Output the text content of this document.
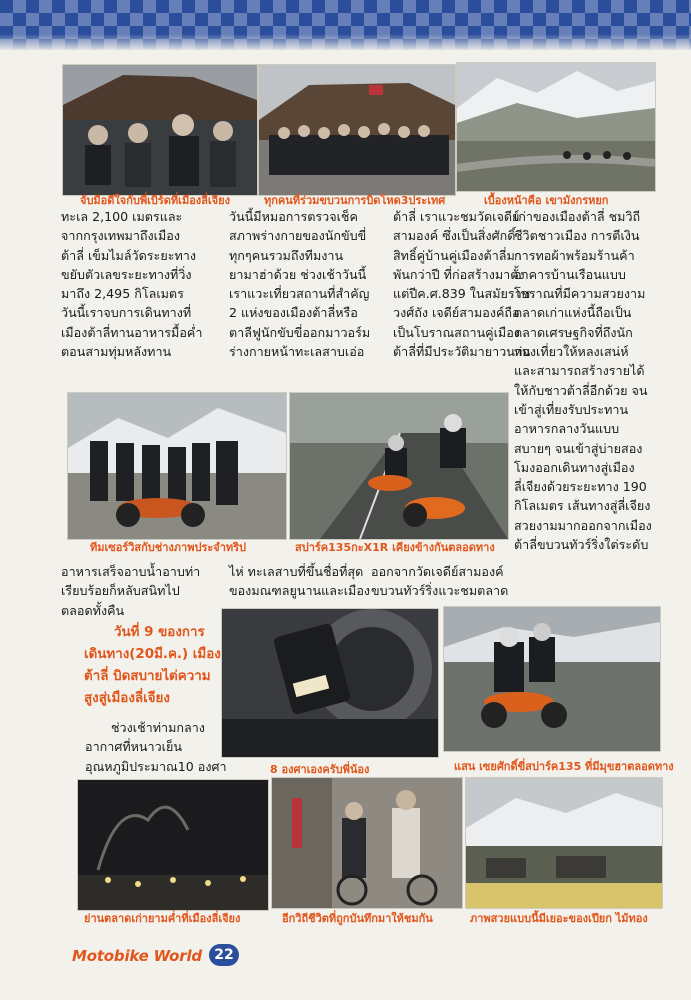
จับมือดีใจกับพี่เบิร์ดที่เมืองลี่เจียง	ทุกคนที่ร่วมขบวนการบิดโหด3ประเทศ	เบื้องหน้าคือ เขามังกรหยก
ทะเล 2,100 เมตรและ
จากกรุงเทพมาถึงเมือง
ต้าลี่ เข็มไมล์วัดระยะทาง
ขยับตัวเลขระยะทางที่วิ่ง
มาถึง 2,495 กิโลเมตร
วันนี้เราจบการเดินทางที่
เมืองต้าลี่ทานอาหารมื้อค่ำ
ตอนสามทุ่มหลังทาน
วันนี้มีหมอการตรวจเช็ค
สภาพร่างกายของนักขับขี่
ทุกๆคนรวมถึงทีมงาน
ยามาฮ่าด้วย ช่วงเช้าวันนี้
เราแวะเที่ยวสถานที่สำคัญ
2 แห่งของเมืองต้าลี่หรือ
ตาลีฟูนักขับขี่ออกมาวอร์ม
ร่างกายหน้าทะเลสาบเอ่อ
ต้าลี่ เราแวะชมวัดเจดีย์
สามองค์ ซึ่งเป็นสิ่งศักดิ์
สิทธิ์คู่บ้านคู่เมืองต้าลี่มา
พันกว่าปี ที่ก่อสร้างมาตั้ง
แต่ปีค.ศ.839 ในสมัยราช
วงศ์ถัง เจดีย์สามองค์ถือ
เป็นโบราณสถานคู่เมือง
ต้าลี่ที่มีประวัติมายาวนาน
เก่าของเมืองต้าลี่ ชมวิถี
ชีวิตชาวเมือง การตีเงิน
การทอผ้าพร้อมร้านค้า
อาคารบ้านเรือนแบบ
โบราณที่มีความสวยงาม
ตลาดเก่าแห่งนี้ถือเป็น
ตลาดเศรษฐกิจที่ถึงนัก
ท่องเที่ยวให้หลงเสน่ห์
และสามารถสร้างรายได้
ให้กับชาวต้าลี่อีกด้วย จน
เข้าสู่เที่ยงรับประทาน
อาหารกลางวันแบบ
สบายๆ จนเข้าสู่บ่ายสอง
โมงออกเดินทางสู่เมือง
ลี่เจียงด้วยระยะทาง 190
กิโลเมตร เส้นทางสู่ลี่เจียง
สวยงามมากออกจากเมือง
ต้าลี่ขบวนทัวร์ริ่งใต่ระดับ
ทีมเซอร์วิสกับช่างภาพประจำทริป	สปาร์ค135กะX1R เคียงข้างกันตลอดทาง
อาหารเสร็จอาบน้ำอาบท่า
เรียบร้อยก็หลับสนิทไป
ตลอดทั้งคืน
ไห่ ทะเลสาบที่ขึ้นชื่อที่สุด
ของมณฑลยูนานและเมือง
ออกจากวัดเจดีย์สามองค์
ขบวนทัวร์ริ่งแวะชมตลาด
วันที่ 9 ของการ
เดินทาง(20มี.ค.) เมือง
ต้าลี่ บิดสบายไต่ความ
สูงสู่เมืองลี่เจียง
ช่วงเช้าท่ามกลาง
อากาศที่หนาวเย็น
อุณหภูมิประมาณ10 องศา	8 องศาเองครับพี่น้อง	แสน เซยศักดิ์ขี่สปาร์ค135 ที่มีมุขฮาตลอดทาง
ย่านตลาดเก่ายามค่ำที่เมืองลี่เจียง	อีกวิถีชีวิตที่ถูกบันทึกมาให้ชมกัน	ภาพสวยแบบนี้มีเยอะของเปียก ไม้ทอง
Motobike World 22
